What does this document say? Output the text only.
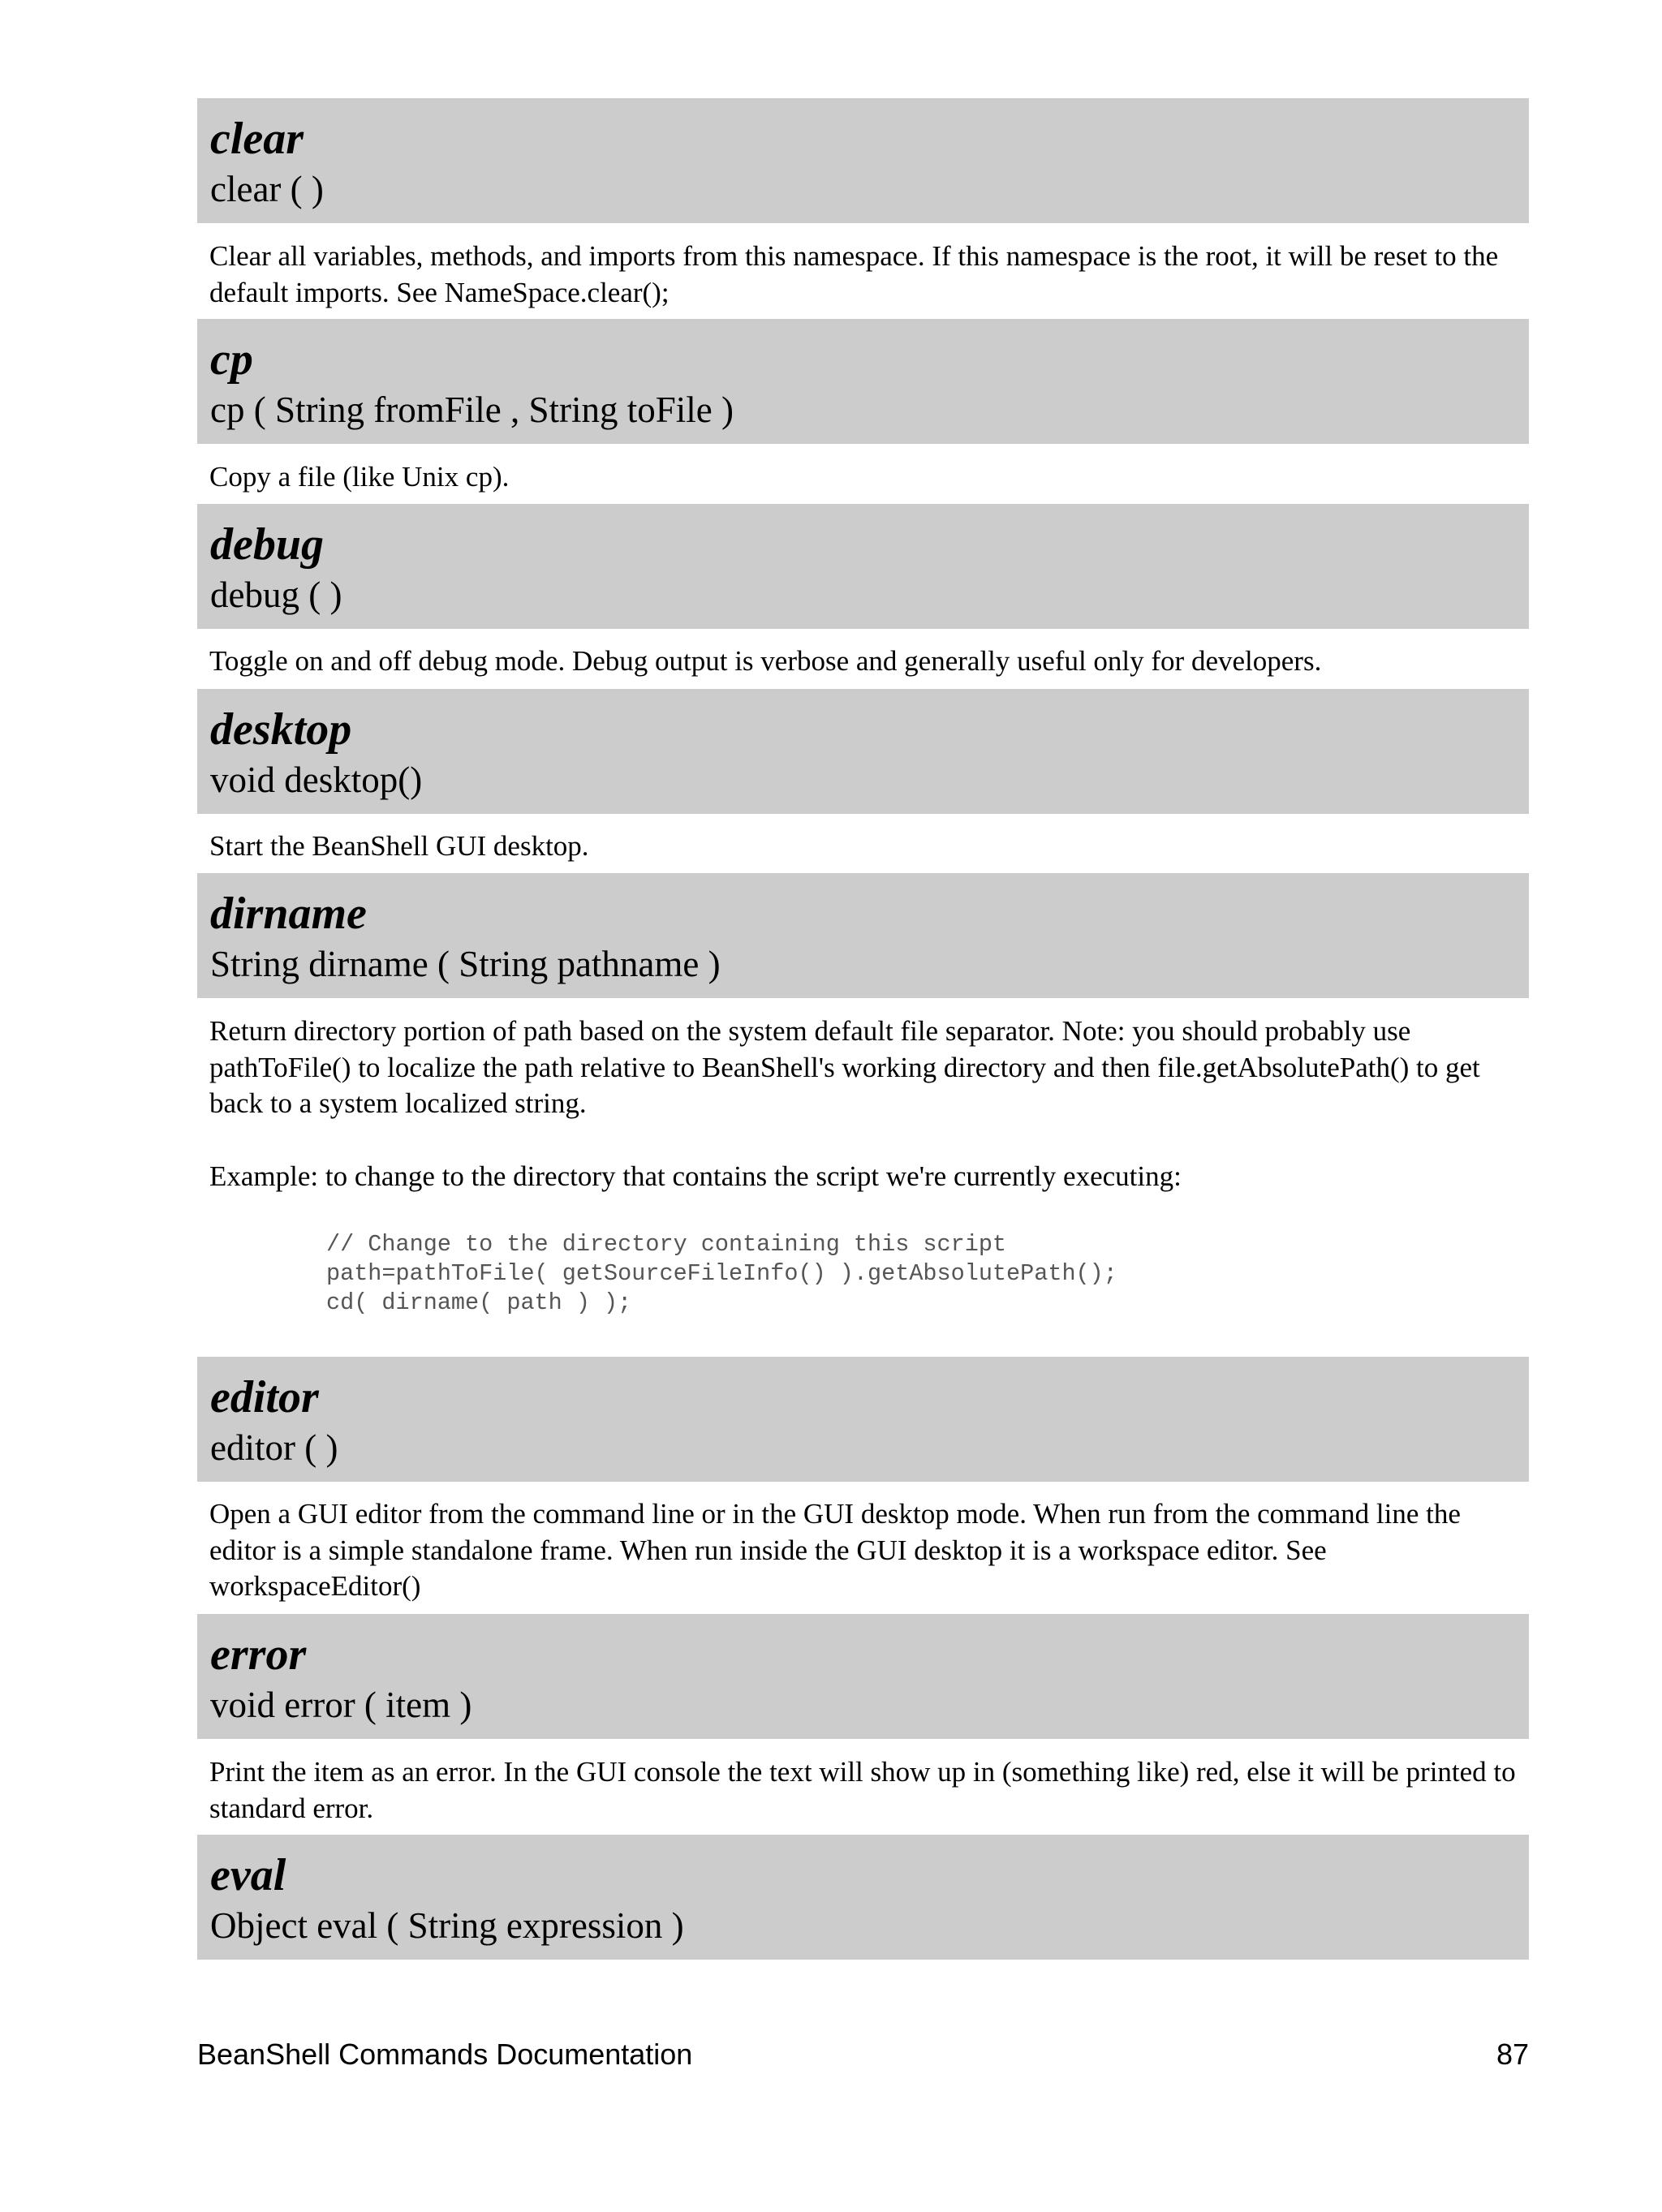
clear
clear ( )

Clear all variables, methods, and imports from this namespace. If this namespace is the root, it will be reset to the default imports. See NameSpace.clear();

cp
cp ( String fromFile , String toFile )

Copy a file (like Unix cp).

debug
debug ( )

Toggle on and off debug mode. Debug output is verbose and generally useful only for developers.

desktop
void desktop()

Start the BeanShell GUI desktop.

dirname
String dirname ( String pathname )

Return directory portion of path based on the system default file separator. Note: you should probably use pathToFile() to localize the path relative to BeanShell's working directory and then file.getAbsolutePath() to get back to a system localized string.

Example: to change to the directory that contains the script we're currently executing:

// Change to the directory containing this script
path=pathToFile( getSourceFileInfo() ).getAbsolutePath();
cd( dirname( path ) );
editor
editor ( )

Open a GUI editor from the command line or in the GUI desktop mode. When run from the command line the editor is a simple standalone frame. When run inside the GUI desktop it is a workspace editor. See workspaceEditor()

error
void error ( item )

Print the item as an error. In the GUI console the text will show up in (something like) red, else it will be printed to standard error.

eval
Object eval ( String expression )
BeanShell Commands Documentation	87
